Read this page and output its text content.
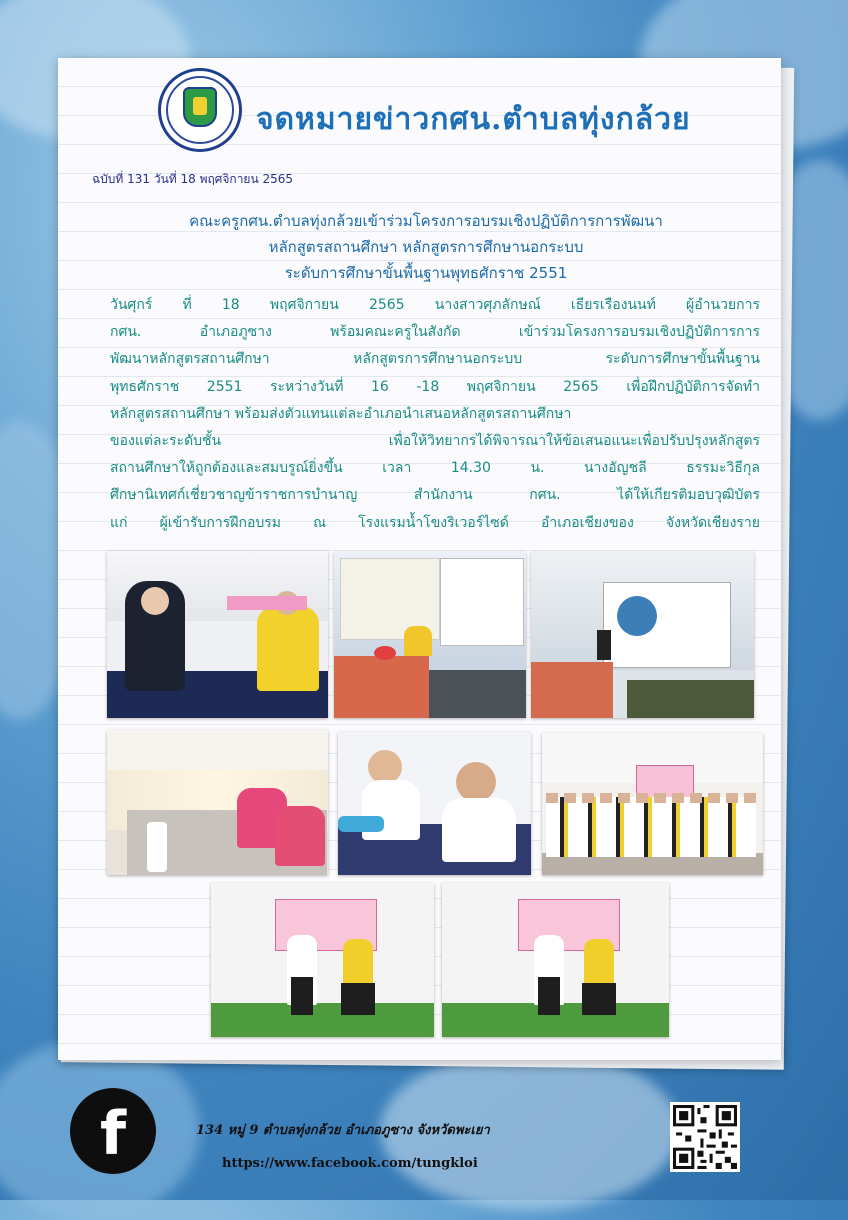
จดหมายข่าวกศน.ตำบลทุ่งกล้วย
ฉบับที่ 131 วันที่ 18 พฤศจิกายน 2565
คณะครูกศน.ตำบลทุ่งกล้วยเข้าร่วมโครงการอบรมเชิงปฏิบัติการการพัฒนา
หลักสูตรสถานศึกษา หลักสูตรการศึกษานอกระบบ
ระดับการศึกษาขั้นพื้นฐานพุทธศักราช 2551
วันศุกร์ ที่ 18 พฤศจิกายน 2565 นางสาวศุภลักษณ์ เธียรเรืองนนท์ ผู้อำนวยการ
กศน. อำเภอภูซาง พร้อมคณะครูในสังกัด เข้าร่วมโครงการอบรมเชิงปฏิบัติการการ
พัฒนาหลักสูตรสถานศึกษา หลักสูตรการศึกษานอกระบบ ระดับการศึกษาขั้นพื้นฐาน
พุทธศักราช 2551 ระหว่างวันที่ 16 -18 พฤศจิกายน 2565 เพื่อฝึกปฏิบัติการจัดทำ
หลักสูตรสถานศึกษา พร้อมส่งตัวแทนแต่ละอำเภอนำเสนอหลักสูตรสถานศึกษา
ของแต่ละระดับชั้น เพื่อให้วิทยากรได้พิจารณาให้ข้อเสนอแนะเพื่อปรับปรุงหลักสูตร
สถานศึกษาให้ถูกต้องและสมบรูณ์ยิ่งขึ้น เวลา 14.30 น. นางอัญชลี ธรรมะวิธีกุล
ศึกษานิเทศก์เชี่ยวชาญข้าราชการบำนาญ สำนักงาน กศน. ได้ให้เกียรติมอบวุฒิบัตร
แก่ ผู้เข้ารับการฝึกอบรม ณ โรงแรมน้ำโขงริเวอร์ไซด์ อำเภอเชียงของ จังหวัดเชียงราย
f	134 หมู่ 9 ตำบลทุ่งกล้วย อำเภอภูซาง จังหวัดพะเยา
https://www.facebook.com/tungkloi
